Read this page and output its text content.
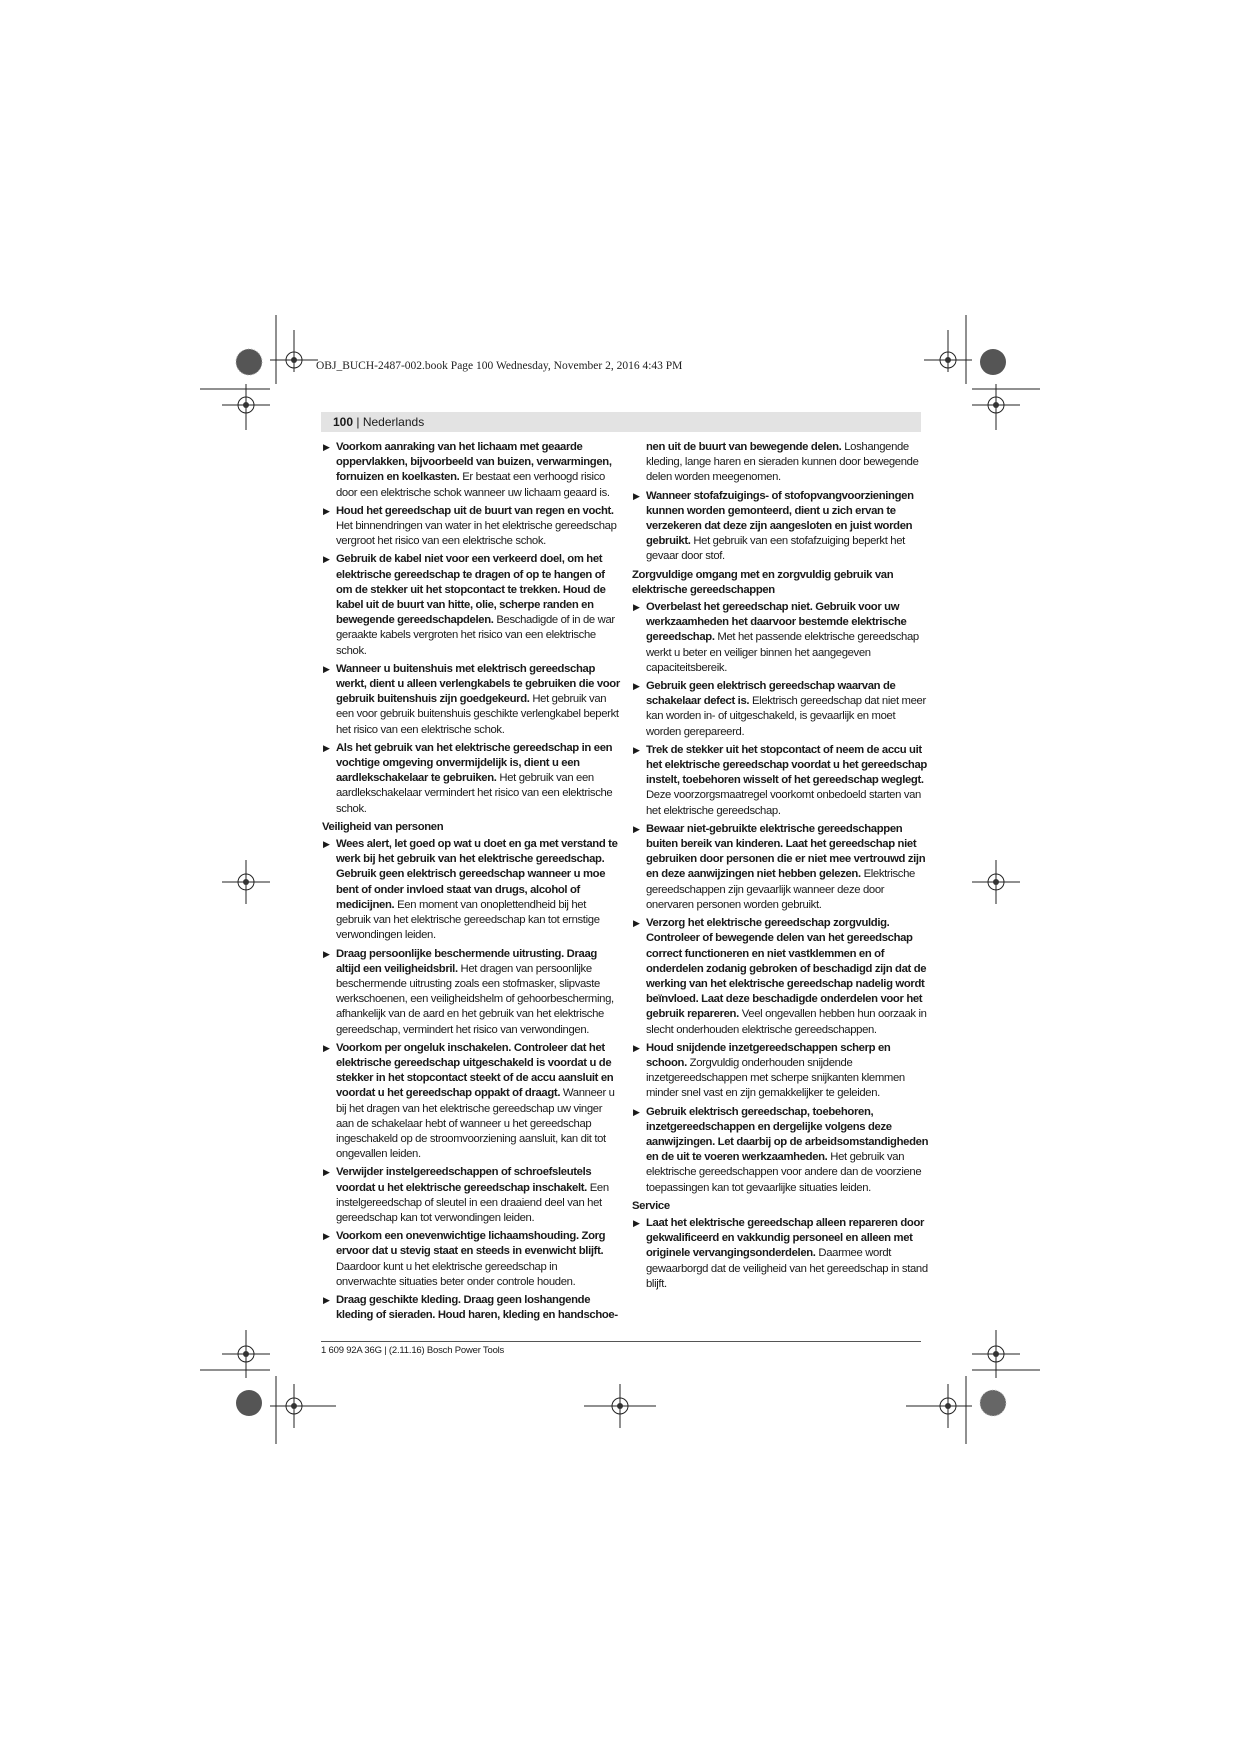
OBJ_BUCH-2487-002.book Page 100 Wednesday, November 2, 2016 4:43 PM
100 | Nederlands
▶ Voorkom aanraking van het lichaam met geaarde oppervlakken, bijvoorbeeld van buizen, verwarmingen, fornuizen en koelkasten. Er bestaat een verhoogd risico door een elektrische schok wanneer uw lichaam geaard is.
▶ Houd het gereedschap uit de buurt van regen en vocht. Het binnendringen van water in het elektrische gereedschap vergroot het risico van een elektrische schok.
▶ Gebruik de kabel niet voor een verkeerd doel, om het elektrische gereedschap te dragen of op te hangen of om de stekker uit het stopcontact te trekken. Houd de kabel uit de buurt van hitte, olie, scherpe randen en bewegende gereedschapdelen. Beschadigde of in de war geraakte kabels vergroten het risico van een elektrische schok.
▶ Wanneer u buitenshuis met elektrisch gereedschap werkt, dient u alleen verlengkabels te gebruiken die voor gebruik buitenshuis zijn goedgekeurd. Het gebruik van een voor gebruik buitenshuis geschikte verlengkabel beperkt het risico van een elektrische schok.
▶ Als het gebruik van het elektrische gereedschap in een vochtige omgeving onvermijdelijk is, dient u een aardlekschakelaar te gebruiken. Het gebruik van een aardlekschakelaar vermindert het risico van een elektrische schok.
Veiligheid van personen
▶ Wees alert, let goed op wat u doet en ga met verstand te werk bij het gebruik van het elektrische gereedschap. Gebruik geen elektrisch gereedschap wanneer u moe bent of onder invloed staat van drugs, alcohol of medicijnen. Een moment van onoplettendheid bij het gebruik van het elektrische gereedschap kan tot ernstige verwondingen leiden.
▶ Draag persoonlijke beschermende uitrusting. Draag altijd een veiligheidsbril. Het dragen van persoonlijke beschermende uitrusting zoals een stofmasker, slipvaste werkschoenen, een veiligheidshelm of gehoorbescherming, afhankelijk van de aard en het gebruik van het elektrische gereedschap, vermindert het risico van verwondingen.
▶ Voorkom per ongeluk inschakelen. Controleer dat het elektrische gereedschap uitgeschakeld is voordat u de stekker in het stopcontact steekt of de accu aansluit en voordat u het gereedschap oppakt of draagt. Wanneer u bij het dragen van het elektrische gereedschap uw vinger aan de schakelaar hebt of wanneer u het gereedschap ingeschakeld op de stroomvoorziening aansluit, kan dit tot ongevallen leiden.
▶ Verwijder instelgereedschappen of schroefsleutels voordat u het elektrische gereedschap inschakelt. Een instelgereedschap of sleutel in een draaiend deel van het gereedschap kan tot verwondingen leiden.
▶ Voorkom een onevenwichtige lichaamshouding. Zorg ervoor dat u stevig staat en steeds in evenwicht blijft. Daardoor kunt u het elektrische gereedschap in onverwachte situaties beter onder controle houden.
▶ Draag geschikte kleding. Draag geen loshangende kleding of sieraden. Houd haren, kleding en handschoe-
nen uit de buurt van bewegende delen. Loshangende kleding, lange haren en sieraden kunnen door bewegende delen worden meegenomen.
▶ Wanneer stofafzuigings- of stofopvangvoorzieningen kunnen worden gemonteerd, dient u zich ervan te verzekeren dat deze zijn aangesloten en juist worden gebruikt. Het gebruik van een stofafzuiging beperkt het gevaar door stof.
Zorgvuldige omgang met en zorgvuldig gebruik van elektrische gereedschappen
▶ Overbelast het gereedschap niet. Gebruik voor uw werkzaamheden het daarvoor bestemde elektrische gereedschap. Met het passende elektrische gereedschap werkt u beter en veiliger binnen het aangegeven capaciteitsbereik.
▶ Gebruik geen elektrisch gereedschap waarvan de schakelaar defect is. Elektrisch gereedschap dat niet meer kan worden in- of uitgeschakeld, is gevaarlijk en moet worden gerepareerd.
▶ Trek de stekker uit het stopcontact of neem de accu uit het elektrische gereedschap voordat u het gereedschap instelt, toebehoren wisselt of het gereedschap weglegt. Deze voorzorgsmaatregel voorkomt onbedoeld starten van het elektrische gereedschap.
▶ Bewaar niet-gebruikte elektrische gereedschappen buiten bereik van kinderen. Laat het gereedschap niet gebruiken door personen die er niet mee vertrouwd zijn en deze aanwijzingen niet hebben gelezen. Elektrische gereedschappen zijn gevaarlijk wanneer deze door onervaren personen worden gebruikt.
▶ Verzorg het elektrische gereedschap zorgvuldig. Controleer of bewegende delen van het gereedschap correct functioneren en niet vastklemmen en of onderdelen zodanig gebroken of beschadigd zijn dat de werking van het elektrische gereedschap nadelig wordt beïnvloed. Laat deze beschadigde onderdelen voor het gebruik repareren. Veel ongevallen hebben hun oorzaak in slecht onderhouden elektrische gereedschappen.
▶ Houd snijdende inzetgereedschappen scherp en schoon. Zorgvuldig onderhouden snijdende inzetgereedschappen met scherpe snijkanten klemmen minder snel vast en zijn gemakkelijker te geleiden.
▶ Gebruik elektrisch gereedschap, toebehoren, inzetgereedschappen en dergelijke volgens deze aanwijzingen. Let daarbij op de arbeidsomstandigheden en de uit te voeren werkzaamheden. Het gebruik van elektrische gereedschappen voor andere dan de voorziene toepassingen kan tot gevaarlijke situaties leiden.
Service
▶ Laat het elektrische gereedschap alleen repareren door gekwalificeerd en vakkundig personeel en alleen met originele vervangingsonderdelen. Daarmee wordt gewaarborgd dat de veiligheid van het gereedschap in stand blijft.
1 609 92A 36G | (2.11.16) Bosch Power Tools
